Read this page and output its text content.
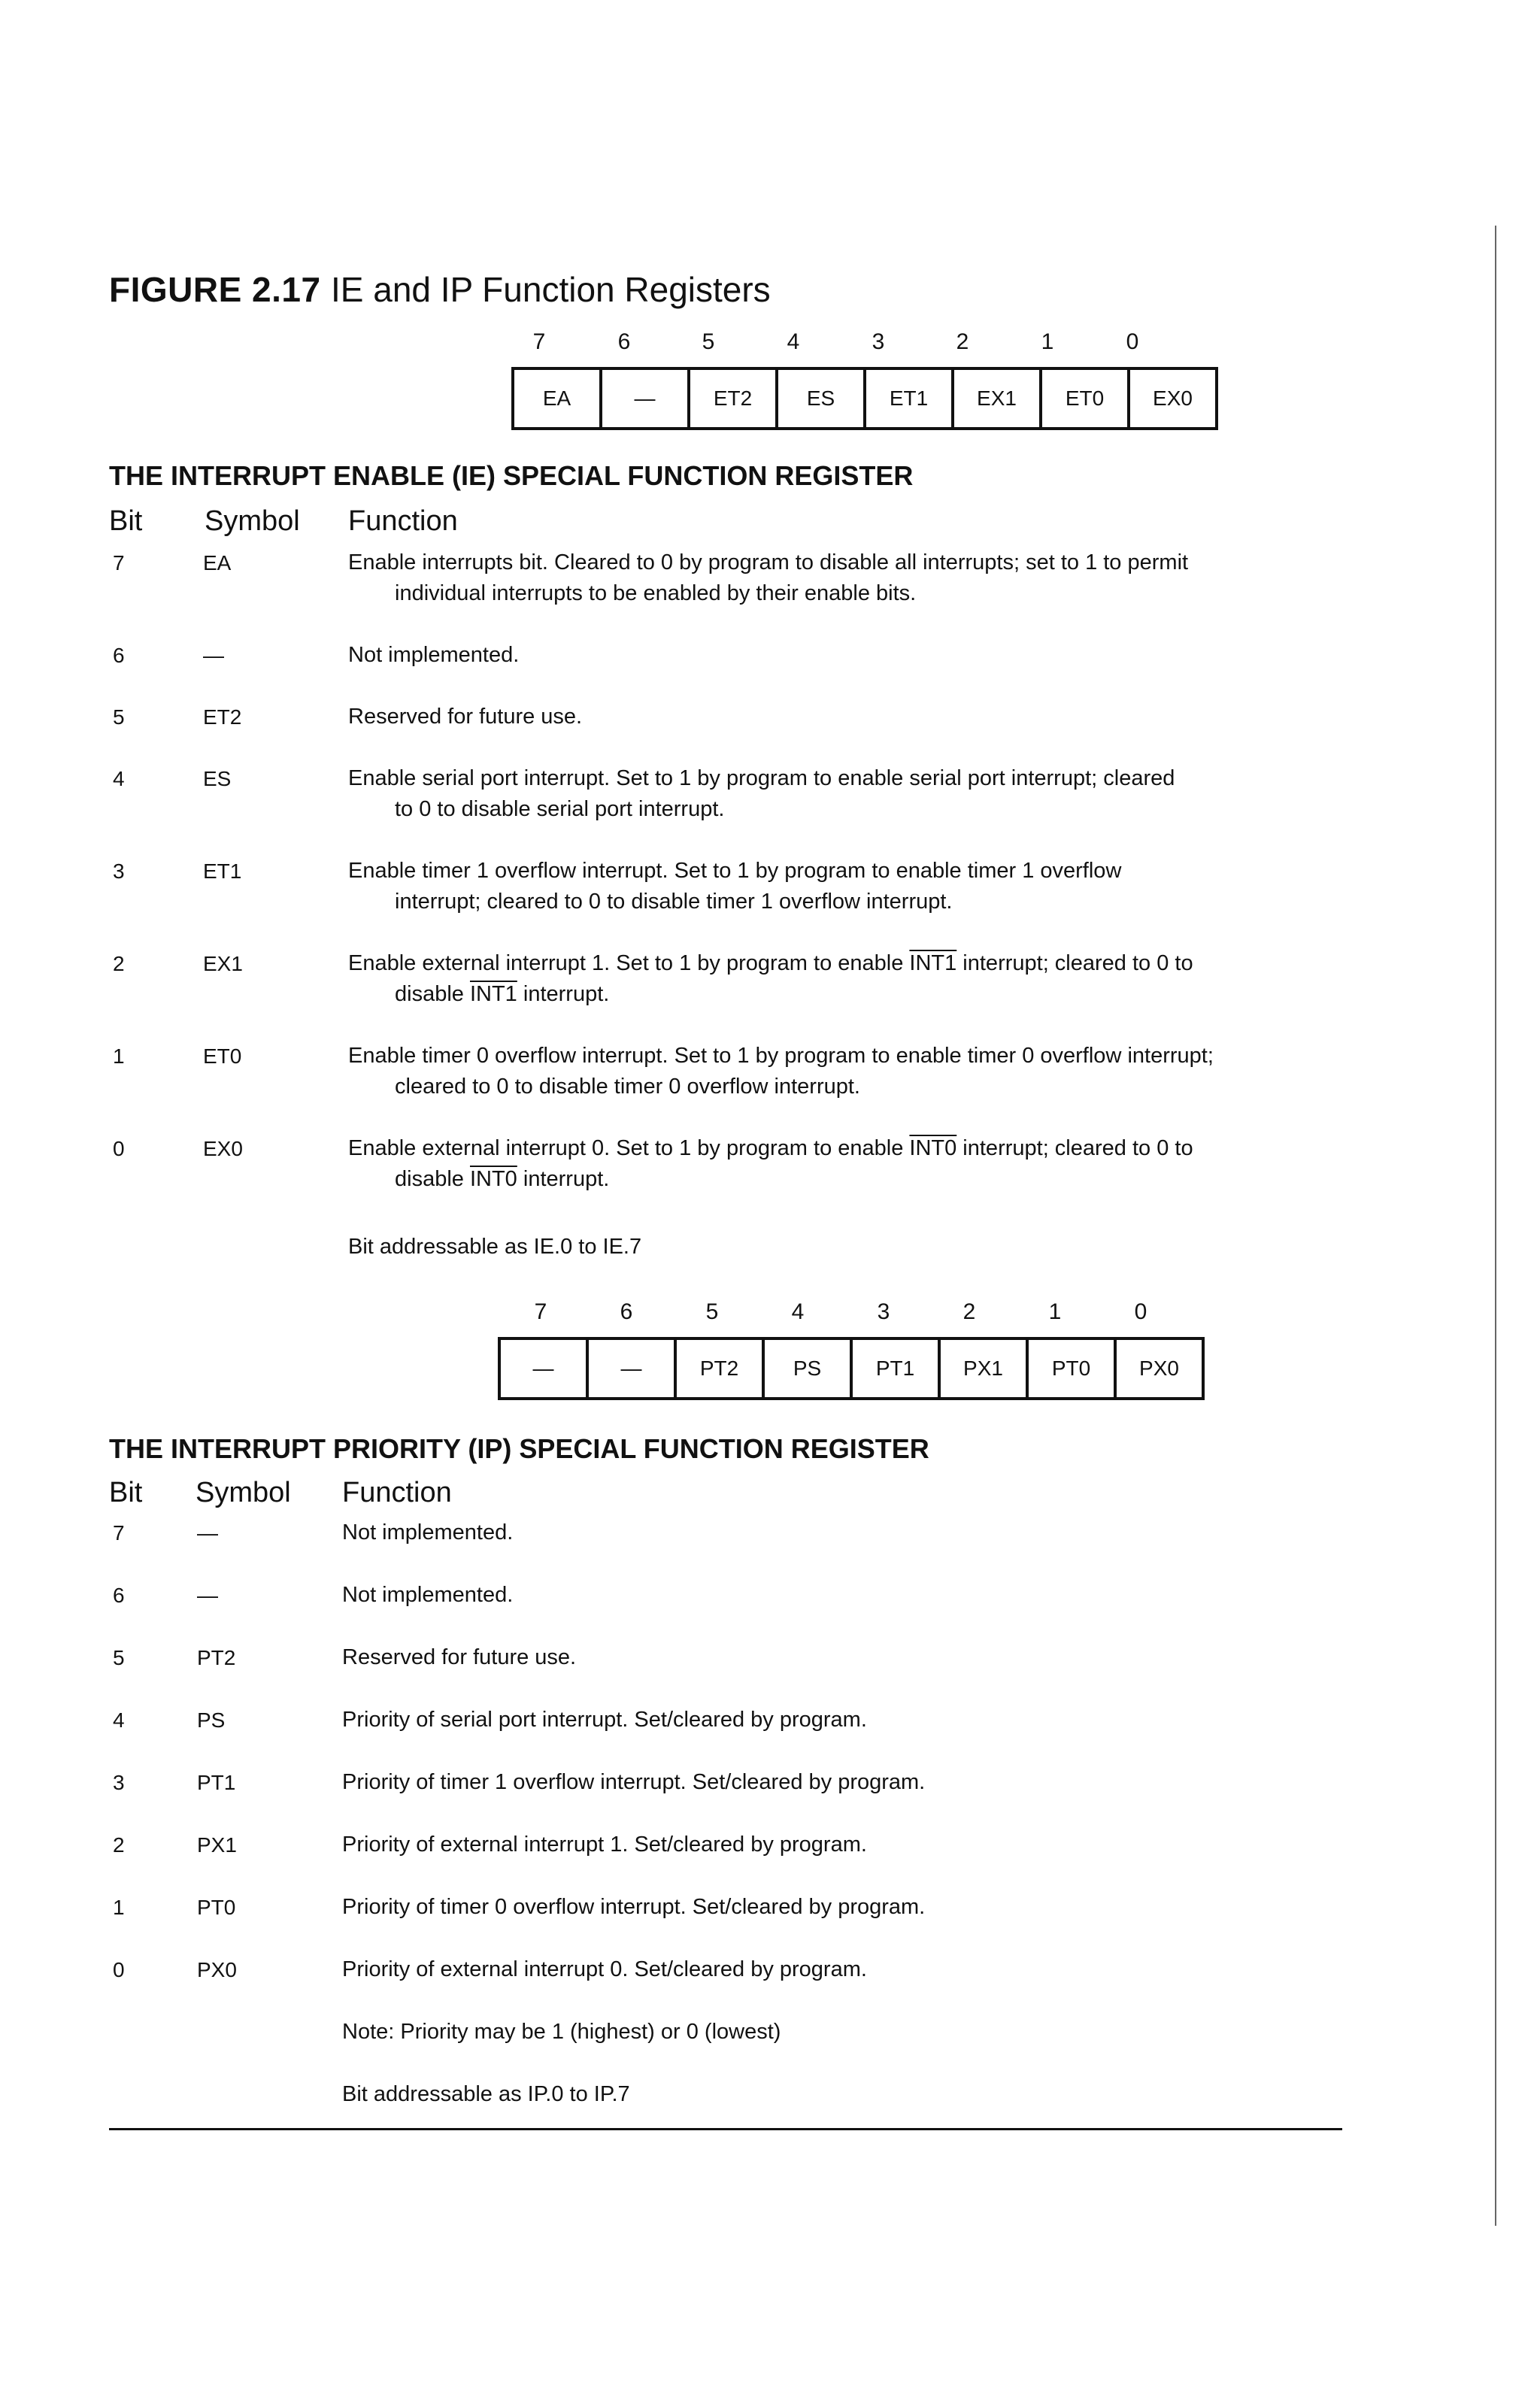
FIGURE 2.17 IE and IP Function Registers
7	6	5	4	3	2	1	0
EA	—	ET2	ES	ET1	EX1	ET0	EX0
THE INTERRUPT ENABLE (IE) SPECIAL FUNCTION REGISTER
Bit Symbol Function
7	EA	Enable interrupts bit. Cleared to 0 by program to disable all interrupts; set to 1 to permit
individual interrupts to be enabled by their enable bits.
6	—	Not implemented.
5	ET2	Reserved for future use.
4	ES	Enable serial port interrupt. Set to 1 by program to enable serial port interrupt; cleared
to 0 to disable serial port interrupt.
3	ET1	Enable timer 1 overflow interrupt. Set to 1 by program to enable timer 1 overflow
interrupt; cleared to 0 to disable timer 1 overflow interrupt.
2	EX1	Enable external interrupt 1. Set to 1 by program to enable INT1 interrupt; cleared to 0 to
disable INT1 interrupt.
1	ET0	Enable timer 0 overflow interrupt. Set to 1 by program to enable timer 0 overflow interrupt;
cleared to 0 to disable timer 0 overflow interrupt.
0	EX0	Enable external interrupt 0. Set to 1 by program to enable INT0 interrupt; cleared to 0 to
disable INT0 interrupt.
Bit addressable as IE.0 to IE.7
7	6	5	4	3	2	1	0
—	—	PT2	PS	PT1	PX1	PT0	PX0
THE INTERRUPT PRIORITY (IP) SPECIAL FUNCTION REGISTER
Bit Symbol Function
7	—	Not implemented.
6	—	Not implemented.
5	PT2	Reserved for future use.
4	PS	Priority of serial port interrupt. Set/cleared by program.
3	PT1	Priority of timer 1 overflow interrupt. Set/cleared by program.
2	PX1	Priority of external interrupt 1. Set/cleared by program.
1	PT0	Priority of timer 0 overflow interrupt. Set/cleared by program.
0	PX0	Priority of external interrupt 0. Set/cleared by program.
Note: Priority may be 1 (highest) or 0 (lowest)
Bit addressable as IP.0 to IP.7
